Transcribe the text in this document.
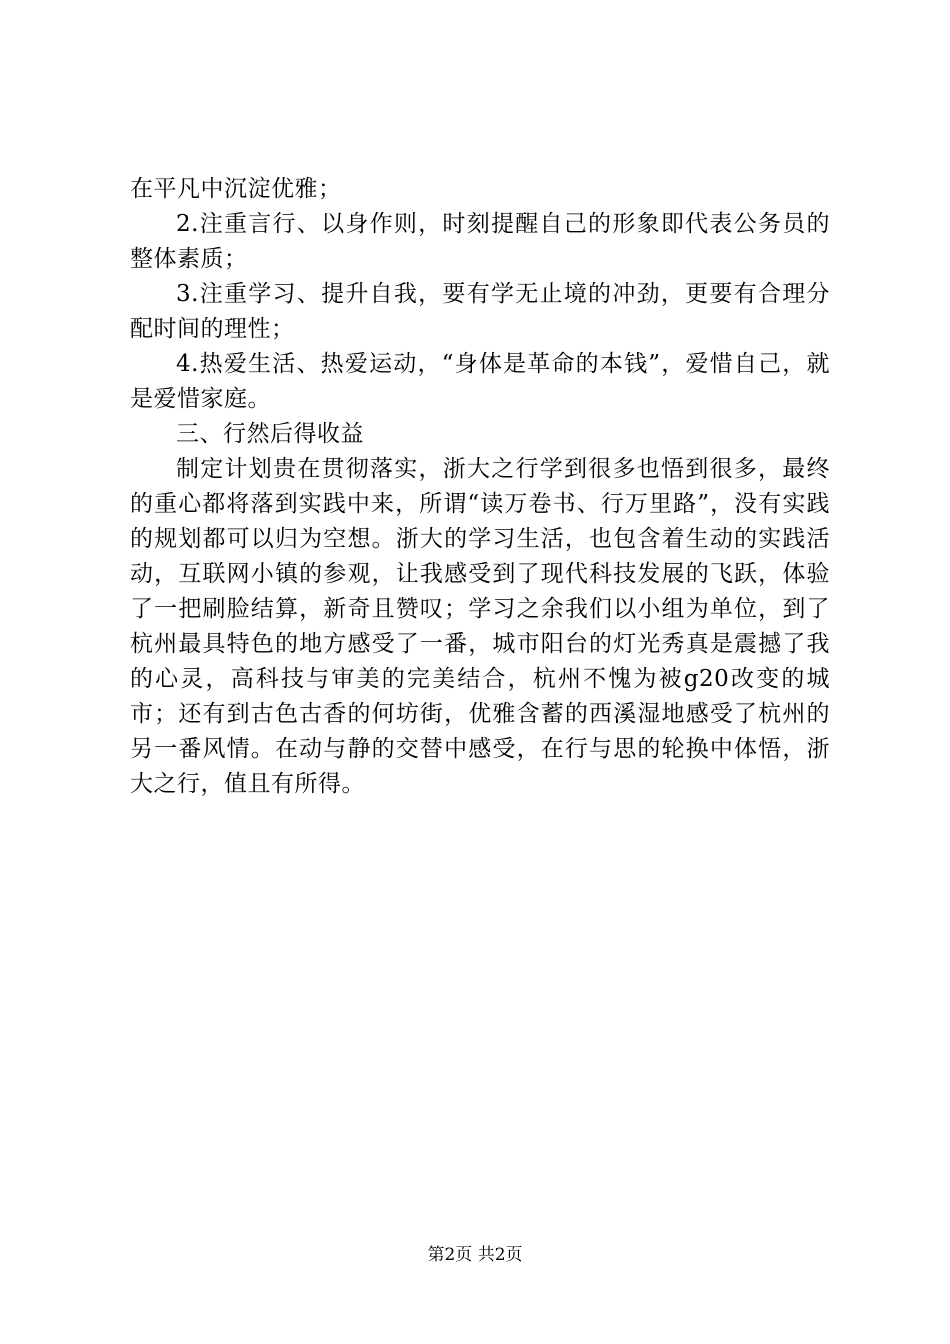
在平凡中沉淀优雅；

2.注重言行、以身作则，时刻提醒自己的形象即代表公务员的整体素质；

3.注重学习、提升自我，要有学无止境的冲劲，更要有合理分配时间的理性；

4.热爱生活、热爱运动，“身体是革命的本钱”，爱惜自己，就是爱惜家庭。

三、行然后得收益

制定计划贵在贯彻落实，浙大之行学到很多也悟到很多，最终的重心都将落到实践中来，所谓“读万卷书、行万里路”，没有实践的规划都可以归为空想。浙大的学习生活，也包含着生动的实践活动，互联网小镇的参观，让我感受到了现代科技发展的飞跃，体验了一把刷脸结算，新奇且赞叹；学习之余我们以小组为单位，到了杭州最具特色的地方感受了一番，城市阳台的灯光秀真是震撼了我的心灵，高科技与审美的完美结合，杭州不愧为被g20改变的城市；还有到古色古香的何坊街，优雅含蓄的西溪湿地感受了杭州的另一番风情。在动与静的交替中感受，在行与思的轮换中体悟，浙大之行，值且有所得。

第2页 共2页
